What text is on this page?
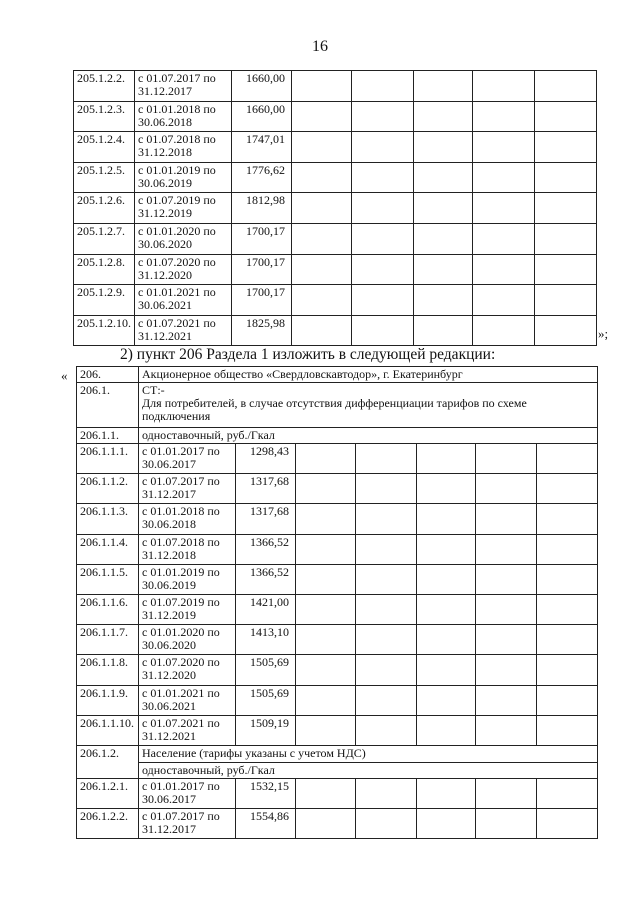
16
205.1.2.2.	с 01.07.2017 по 31.12.2017	1660,00					
205.1.2.3.	с 01.01.2018 по 30.06.2018	1660,00					
205.1.2.4.	с 01.07.2018 по 31.12.2018	1747,01					
205.1.2.5.	с 01.01.2019 по 30.06.2019	1776,62					
205.1.2.6.	с 01.07.2019 по 31.12.2019	1812,98					
205.1.2.7.	с 01.01.2020 по 30.06.2020	1700,17					
205.1.2.8.	с 01.07.2020 по 31.12.2020	1700,17					
205.1.2.9.	с 01.01.2021 по 30.06.2021	1700,17					
205.1.2.10.	с 01.07.2021 по 31.12.2021	1825,98					
»;
2) пункт 206 Раздела 1 изложить в следующей редакции:
« 206.	Акционерное общество «Свердловскавтодор», г. Екатеринбург						
206.1.	СТ:-
Для потребителей, в случае отсутствия дифференциации тарифов по схеме подключения						

206.1.1.	одноставочный, руб./Гкал						
206.1.1.1.	с 01.01.2017 по 30.06.2017	1298,43					
206.1.1.2.	с 01.07.2017 по 31.12.2017	1317,68					
206.1.1.3.	с 01.01.2018 по 30.06.2018	1317,68					
206.1.1.4.	с 01.07.2018 по 31.12.2018	1366,52					
206.1.1.5.	с 01.01.2019 по 30.06.2019	1366,52					
206.1.1.6.	с 01.07.2019 по 31.12.2019	1421,00					
206.1.1.7.	с 01.01.2020 по 30.06.2020	1413,10					
206.1.1.8.	с 01.07.2020 по 31.12.2020	1505,69					
206.1.1.9.	с 01.01.2021 по 30.06.2021	1505,69					
206.1.1.10.	с 01.07.2021 по 31.12.2021	1509,19					
206.1.2.	Население (тарифы указаны с учетом НДС)
одноставочный, руб./Гкал						

206.1.2.1.	с 01.01.2017 по 30.06.2017	1532,15					
206.1.2.2.	с 01.07.2017 по 31.12.2017	1554,86					
